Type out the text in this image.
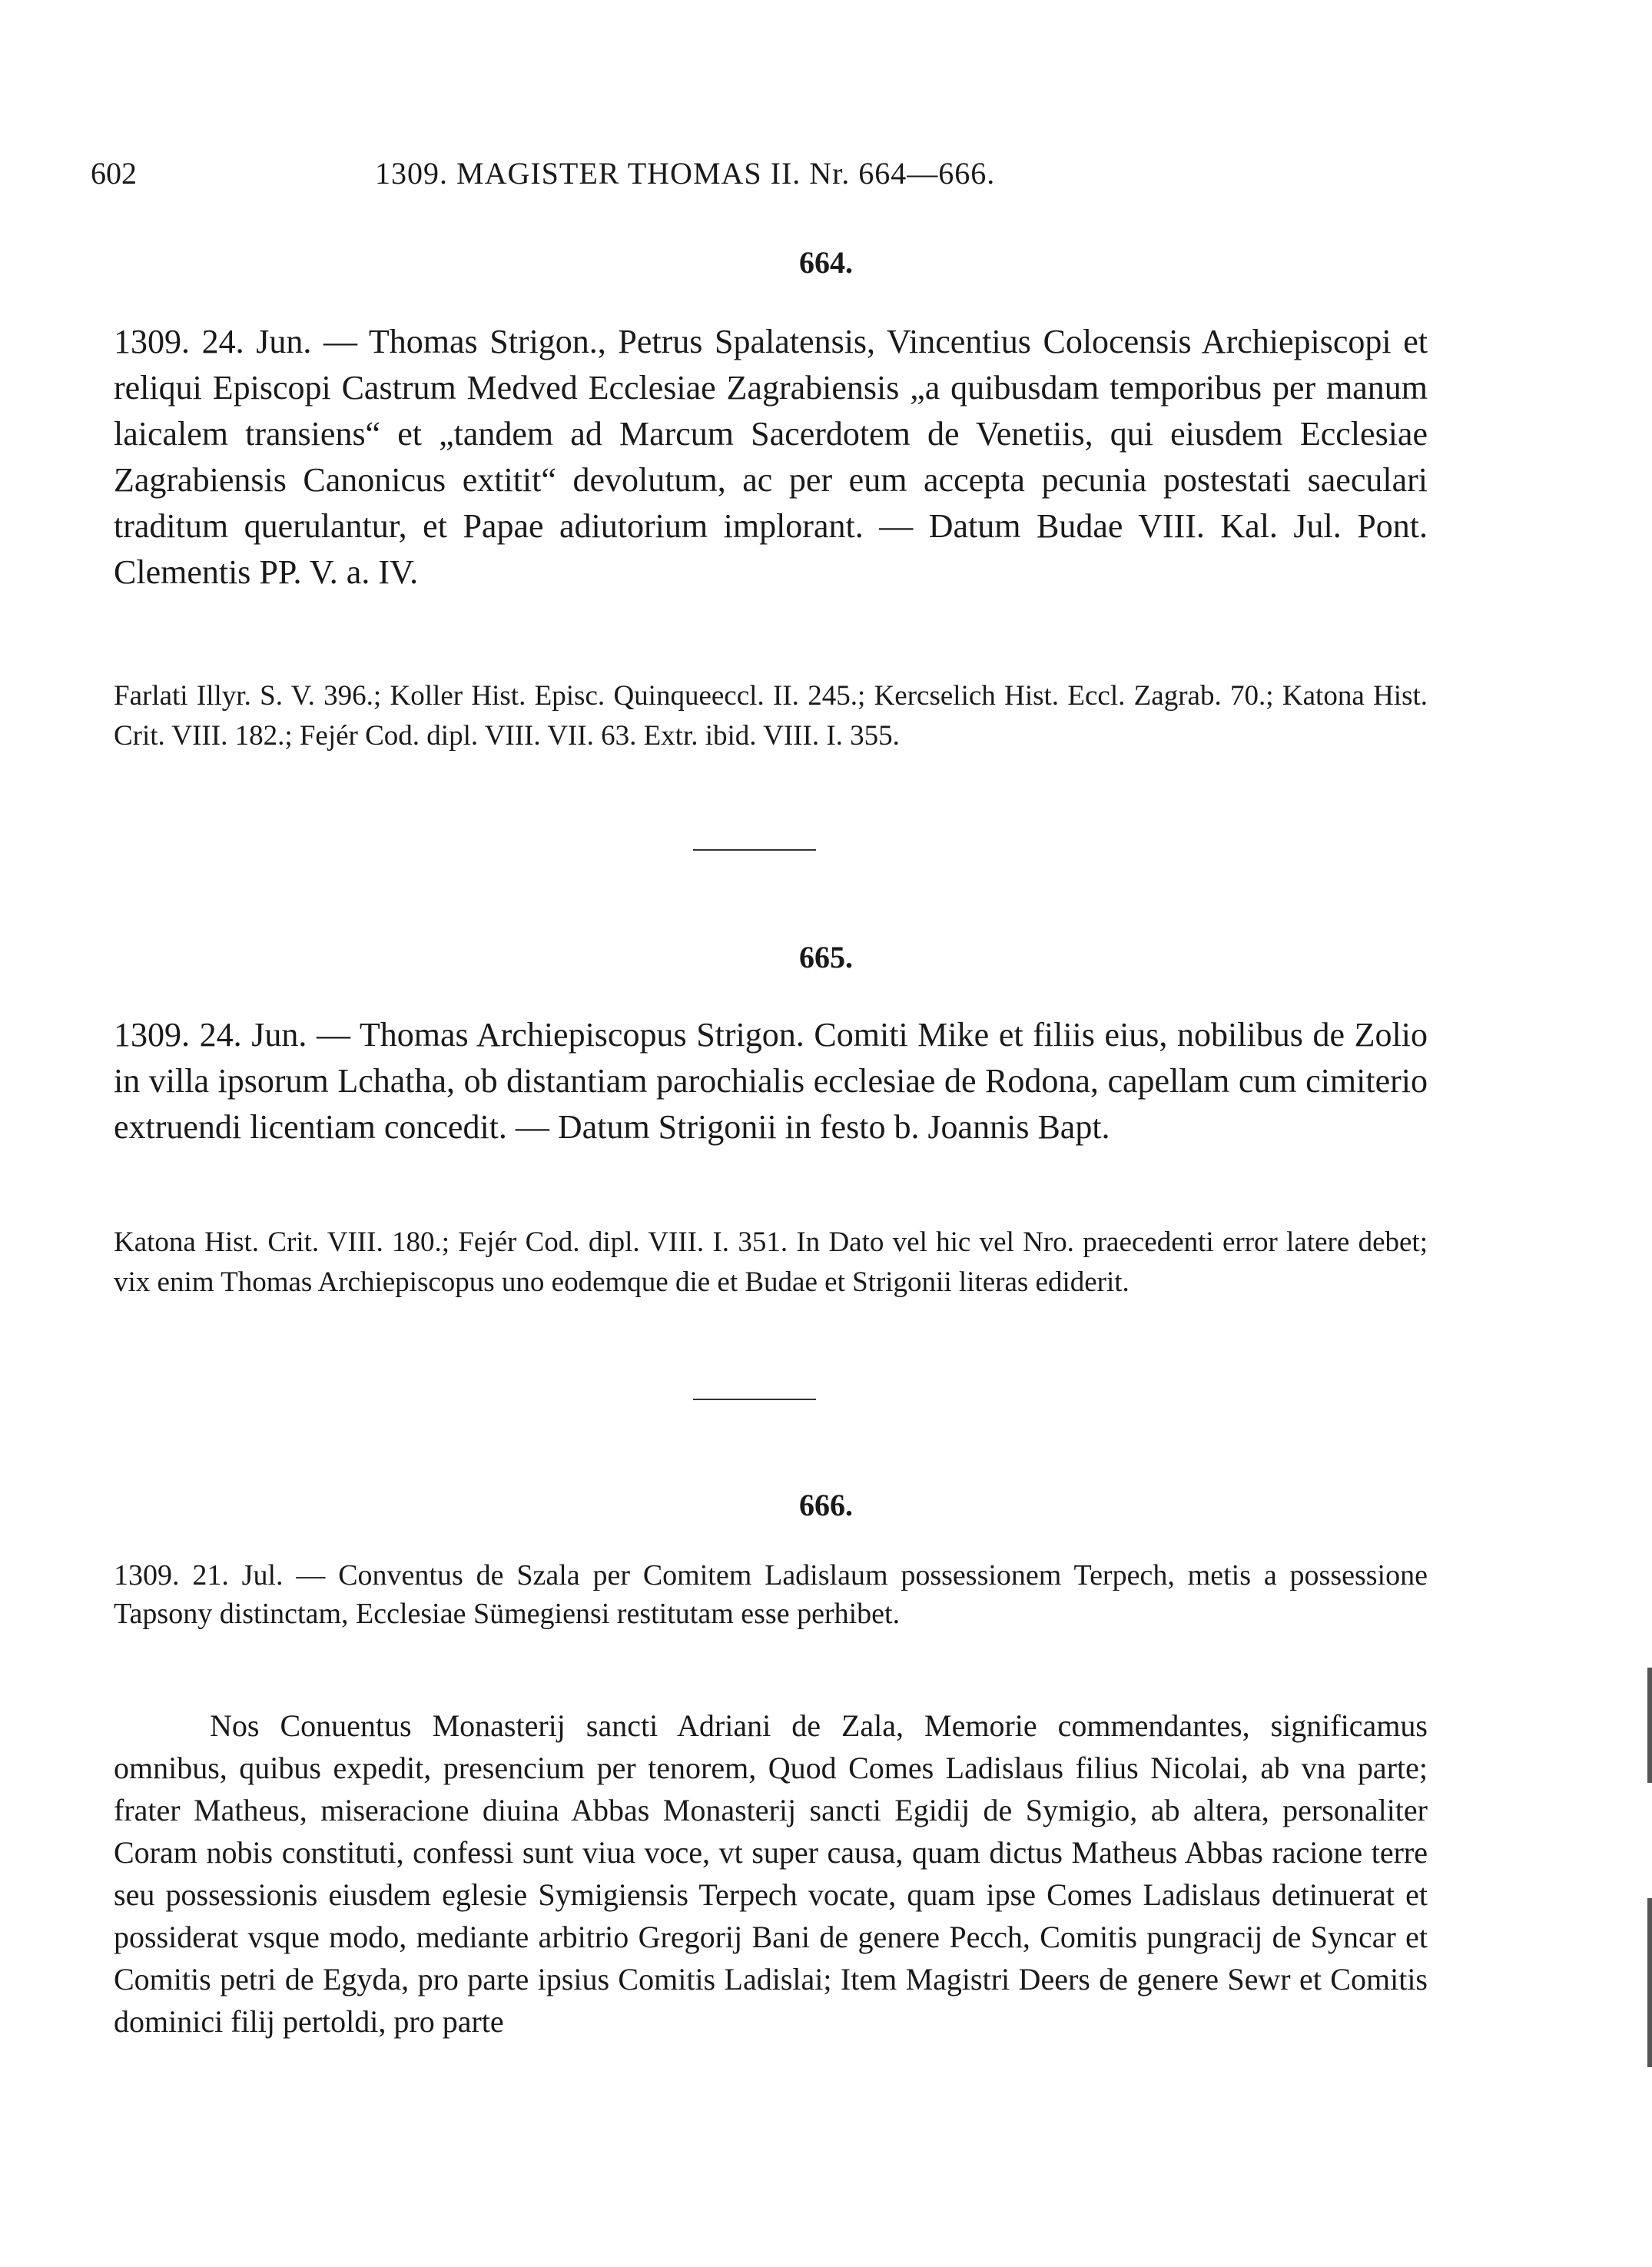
602	1309. MAGISTER THOMAS II. Nr. 664—666.
664.

1309. 24. Jun. — Thomas Strigon., Petrus Spalatensis, Vincentius Colocensis Archiepiscopi et reliqui Episcopi Castrum Medved Ecclesiae Zagrabiensis „a quibusdam temporibus per manum laicalem transiens“ et „tandem ad Marcum Sacerdotem de Venetiis, qui eiusdem Ecclesiae Zagrabiensis Canonicus extitit“ devolutum, ac per eum accepta pecunia postestati saeculari traditum querulantur, et Papae adiutorium implorant. — Datum Budae VIII. Kal. Jul. Pont. Clementis PP. V. a. IV.

Farlati Illyr. S. V. 396.; Koller Hist. Episc. Quinqueeccl. II. 245.; Kercselich Hist. Eccl. Zagrab. 70.; Katona Hist. Crit. VIII. 182.; Fejér Cod. dipl. VIII. VII. 63. Extr. ibid. VIII. I. 355.

665.

1309. 24. Jun. — Thomas Archiepiscopus Strigon. Comiti Mike et filiis eius, nobilibus de Zolio in villa ipsorum Lchatha, ob distantiam parochialis ecclesiae de Rodona, capellam cum cimiterio extruendi licentiam concedit. — Datum Strigonii in festo b. Joannis Bapt.

Katona Hist. Crit. VIII. 180.; Fejér Cod. dipl. VIII. I. 351. In Dato vel hic vel Nro. praecedenti error latere debet; vix enim Thomas Archiepiscopus uno eodemque die et Budae et Strigonii literas ediderit.

666.

1309. 21. Jul. — Conventus de Szala per Comitem Ladislaum possessionem Terpech, metis a possessione Tapsony distinctam, Ecclesiae Sümegiensi restitutam esse perhibet.

Nos Conuentus Monasterij sancti Adriani de Zala, Memorie commendantes, significamus omnibus, quibus expedit, presencium per tenorem, Quod Comes Ladislaus filius Nicolai, ab vna parte; frater Matheus, miseracione diuina Abbas Monasterij sancti Egidij de Symigio, ab altera, personaliter Coram nobis constituti, confessi sunt viua voce, vt super causa, quam dictus Matheus Abbas racione terre seu possessionis eiusdem eglesie Symigiensis Terpech vocate, quam ipse Comes Ladislaus detinuerat et possiderat vsque modo, mediante arbitrio Gregorij Bani de genere Pecch, Comitis pungracij de Syncar et Comitis petri de Egyda, pro parte ipsius Comitis Ladislai; Item Magistri Deers de genere Sewr et Comitis dominici filij pertoldi, pro parte
